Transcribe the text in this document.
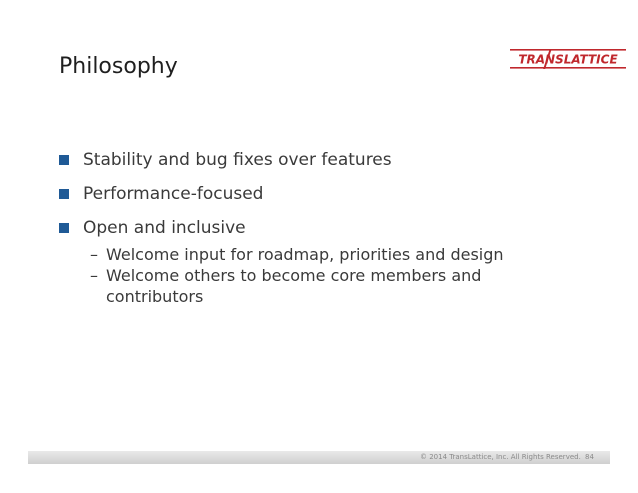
Philosophy	TRANSLATTICE
Stability and bug fixes over features
Performance-focused
Open and inclusive
– Welcome input for roadmap, priorities and design
– Welcome others to become core members and
contributors
© 2014 TransLattice, Inc. All Rights Reserved. 84
